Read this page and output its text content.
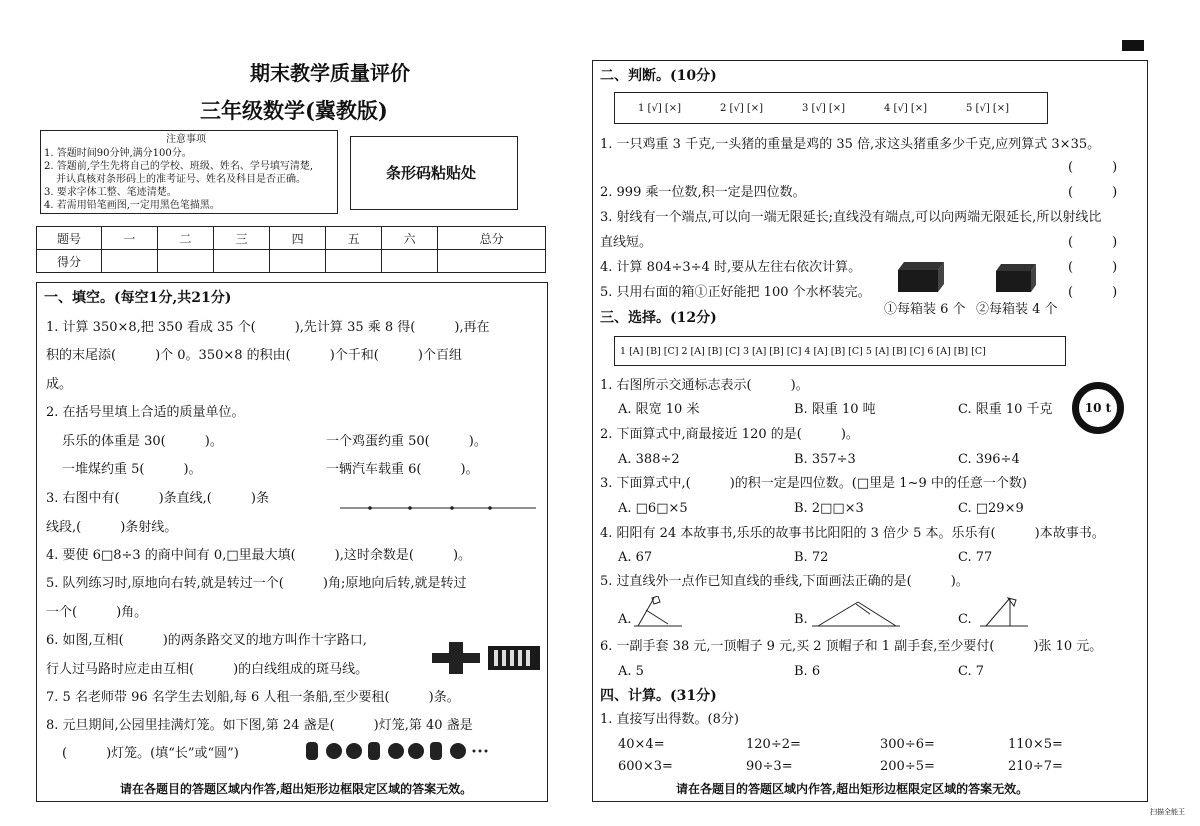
期末教学质量评价
三年级数学(冀教版)
注意事项
1. 答题时间90分钟,满分100分。
2. 答题前,学生先将自己的学校、班级、姓名、学号填写清楚,
并认真核对条形码上的准考证号、姓名及科目是否正确。
3. 要求字体工整、笔迹清楚。
4. 若需用铅笔画图,一定用黑色笔描黑。
条形码粘贴处
题号	一	二	三	四	五	六	总分
得分							
一、填空。(每空1分,共21分)
1. 计算 350×8,把 350 看成 35 个(　　　),先计算 35 乘 8 得(　　　),再在
积的末尾添(　　　)个 0。350×8 的积由(　　　)个千和(　　　)个百组
成。
2. 在括号里填上合适的质量单位。
乐乐的体重是 30(　　　)。	一个鸡蛋约重 50(　　　)。
一堆煤约重 5(　　　)。	一辆汽车载重 6(　　　)。
3. 右图中有(　　　)条直线,(　　　)条
线段,(　　　)条射线。
4. 要使 6□8÷3 的商中间有 0,□里最大填(　　　),这时余数是(　　　)。
5. 队列练习时,原地向右转,就是转过一个(　　　)角;原地向后转,就是转过
一个(　　　)角。
6. 如图,互相(　　　)的两条路交叉的地方叫作十字路口,
行人过马路时应走由互相(　　　)的白线组成的斑马线。
7. 5 名老师带 96 名学生去划船,每 6 人租一条船,至少要租(　　　)条。
8. 元旦期间,公园里挂满灯笼。如下图,第 24 盏是(　　　)灯笼,第 40 盏是
(　　　)灯笼。(填“长”或“圆”)
请在各题目的答题区域内作答,超出矩形边框限定区域的答案无效。
二、判断。(10分)
1 [√] [×]	2 [√] [×]	3 [√] [×]	4 [√] [×]	5 [√] [×]
1. 一只鸡重 3 千克,一头猪的重量是鸡的 35 倍,求这头猪重多少千克,应列算式 3×35。
(　　　)
2. 999 乘一位数,积一定是四位数。	(　　　)
3. 射线有一个端点,可以向一端无限延长;直线没有端点,可以向两端无限延长,所以射线比
直线短。	(　　　)
4. 计算 804÷3÷4 时,要从左往右依次计算。	(　　　)
5. 只用右面的箱①正好能把 100 个水杯装完。	(　　　)
①每箱装 6 个 ②每箱装 4 个
三、选择。(12分)
1 [A] [B] [C] 2 [A] [B] [C] 3 [A] [B] [C] 4 [A] [B] [C] 5 [A] [B] [C] 6 [A] [B] [C]
1. 右图所示交通标志表示(　　　)。
A. 限宽 10 米	B. 限重 10 吨	C. 限重 10 千克	10 t
2. 下面算式中,商最接近 120 的是(　　　)。
A. 388÷2	B. 357÷3	C. 396÷4
3. 下面算式中,(　　　)的积一定是四位数。(□里是 1~9 中的任意一个数)
A. □6□×5	B. 2□□×3	C. □29×9
4. 阳阳有 24 本故事书,乐乐的故事书比阳阳的 3 倍少 5 本。乐乐有(　　　)本故事书。
A. 67	B. 72	C. 77
5. 过直线外一点作已知直线的垂线,下面画法正确的是(　　　)。
A.	B.	C.
6. 一副手套 38 元,一顶帽子 9 元,买 2 顶帽子和 1 副手套,至少要付(　　　)张 10 元。
A. 5	B. 6	C. 7
四、计算。(31分)
1. 直接写出得数。(8分)
40×4=	120÷2=	300÷6=	110×5=
600×3=	90÷3=	200÷5=	210÷7=
请在各题目的答题区域内作答,超出矩形边框限定区域的答案无效。
扫描全能王
